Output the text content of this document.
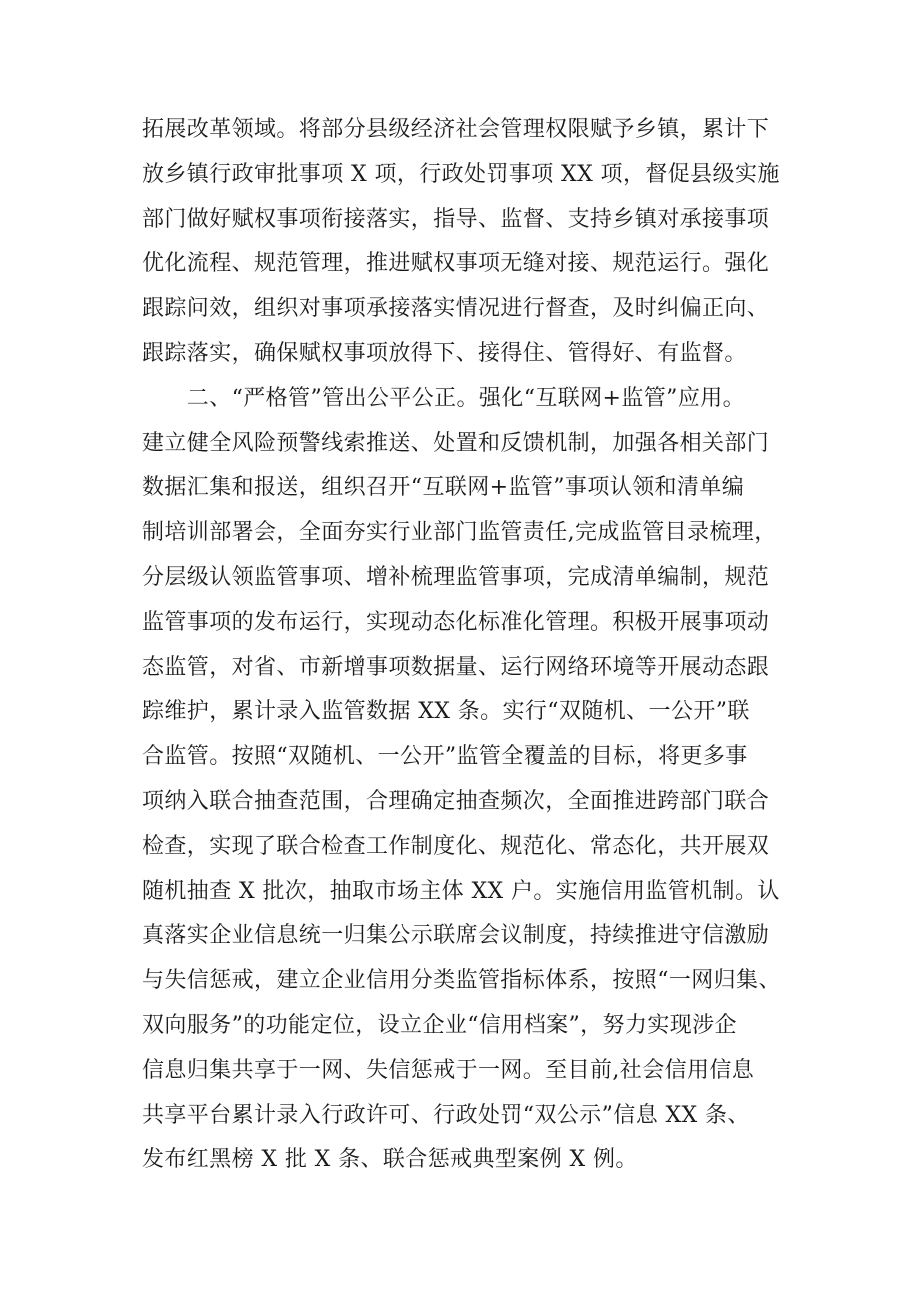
拓展改革领域。将部分县级经济社会管理权限赋予乡镇，累计下
放乡镇行政审批事项 X 项，行政处罚事项 XX 项，督促县级实施
部门做好赋权事项衔接落实，指导、监督、支持乡镇对承接事项
优化流程、规范管理，推进赋权事项无缝对接、规范运行。强化
跟踪问效，组织对事项承接落实情况进行督查，及时纠偏正向、
跟踪落实，确保赋权事项放得下、接得住、管得好、有监督。
　　二、“严格管”管出公平公正。强化“互联网+监管”应用。
建立健全风险预警线索推送、处置和反馈机制，加强各相关部门
数据汇集和报送，组织召开“互联网+监管”事项认领和清单编
制培训部署会，全面夯实行业部门监管责任,完成监管目录梳理，
分层级认领监管事项、增补梳理监管事项，完成清单编制，规范
监管事项的发布运行，实现动态化标准化管理。积极开展事项动
态监管，对省、市新增事项数据量、运行网络环境等开展动态跟
踪维护，累计录入监管数据 XX 条。实行“双随机、一公开”联
合监管。按照“双随机、一公开”监管全覆盖的目标，将更多事
项纳入联合抽查范围，合理确定抽查频次，全面推进跨部门联合
检查，实现了联合检查工作制度化、规范化、常态化，共开展双
随机抽查 X 批次，抽取市场主体 XX 户。实施信用监管机制。认
真落实企业信息统一归集公示联席会议制度，持续推进守信激励
与失信惩戒，建立企业信用分类监管指标体系，按照“一网归集、
双向服务”的功能定位，设立企业“信用档案”，努力实现涉企
信息归集共享于一网、失信惩戒于一网。至目前,社会信用信息
共享平台累计录入行政许可、行政处罚“双公示”信息 XX 条、
发布红黑榜 X 批 X 条、联合惩戒典型案例 X 例。
